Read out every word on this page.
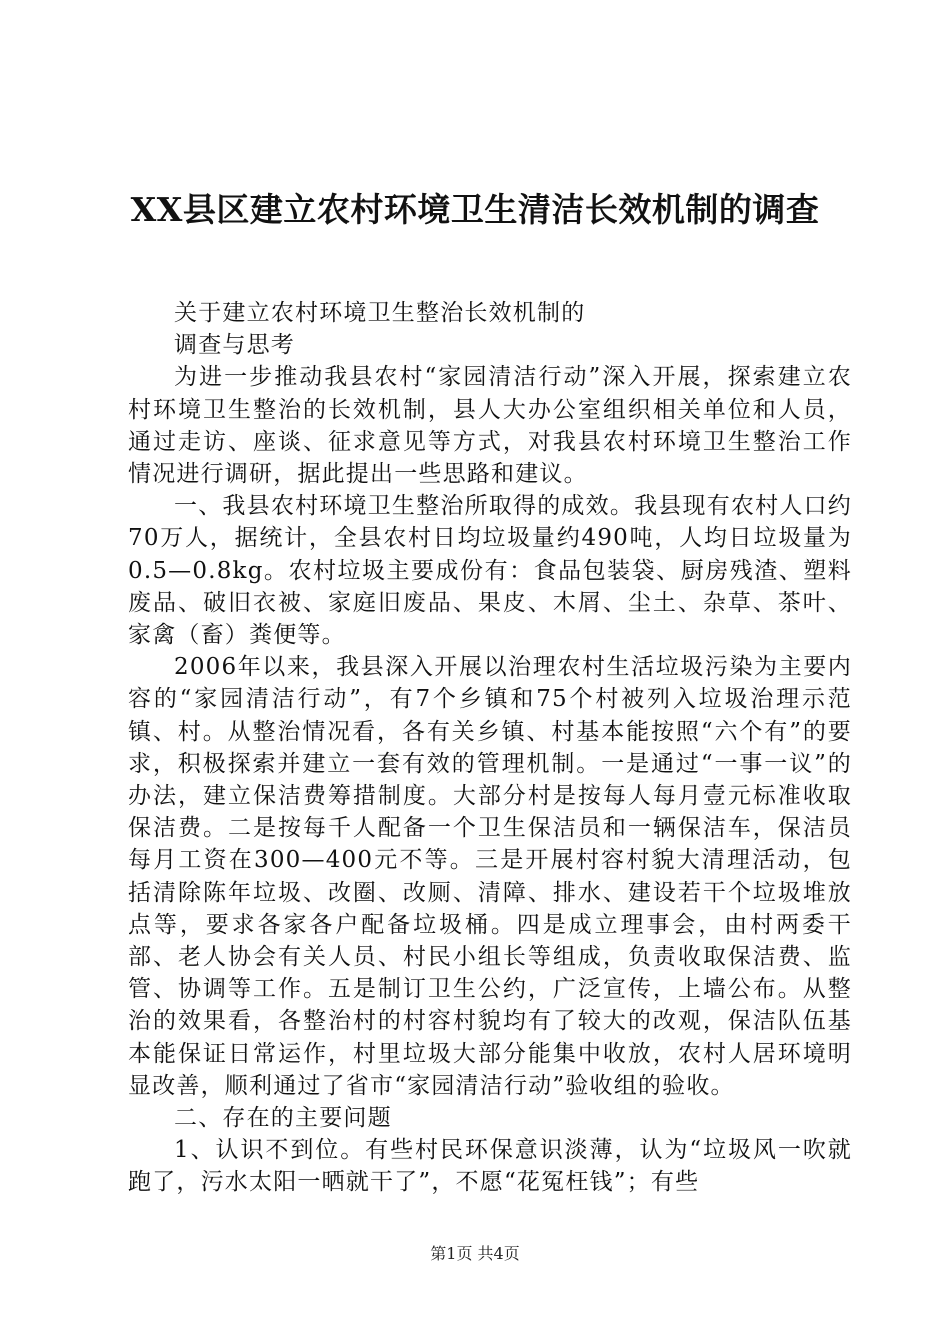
XX县区建立农村环境卫生清洁长效机制的调查

关于建立农村环境卫生整治长效机制的

调查与思考

为进一步推动我县农村“家园清洁行动”深入开展，探索建立农村环境卫生整治的长效机制，县人大办公室组织相关单位和人员，通过走访、座谈、征求意见等方式，对我县农村环境卫生整治工作情况进行调研，据此提出一些思路和建议。

一、我县农村环境卫生整治所取得的成效。我县现有农村人口约70万人，据统计，全县农村日均垃圾量约490吨，人均日垃圾量为0.5—0.8kg。农村垃圾主要成份有：食品包装袋、厨房残渣、塑料废品、破旧衣被、家庭旧废品、果皮、木屑、尘土、杂草、茶叶、家禽（畜）粪便等。

2006年以来，我县深入开展以治理农村生活垃圾污染为主要内容的“家园清洁行动”，有7个乡镇和75个村被列入垃圾治理示范镇、村。从整治情况看，各有关乡镇、村基本能按照“六个有”的要求，积极探索并建立一套有效的管理机制。一是通过“一事一议”的办法，建立保洁费筹措制度。大部分村是按每人每月壹元标准收取保洁费。二是按每千人配备一个卫生保洁员和一辆保洁车，保洁员每月工资在300—400元不等。三是开展村容村貌大清理活动，包括清除陈年垃圾、改圈、改厕、清障、排水、建设若干个垃圾堆放点等，要求各家各户配备垃圾桶。四是成立理事会，由村两委干部、老人协会有关人员、村民小组长等组成，负责收取保洁费、监管、协调等工作。五是制订卫生公约，广泛宣传，上墙公布。从整治的效果看，各整治村的村容村貌均有了较大的改观，保洁队伍基本能保证日常运作，村里垃圾大部分能集中收放，农村人居环境明显改善，顺利通过了省市“家园清洁行动”验收组的验收。

二、存在的主要问题

1、认识不到位。有些村民环保意识淡薄，认为“垃圾风一吹就跑了，污水太阳一晒就干了”，不愿“花冤枉钱”；有些

第1页 共4页
